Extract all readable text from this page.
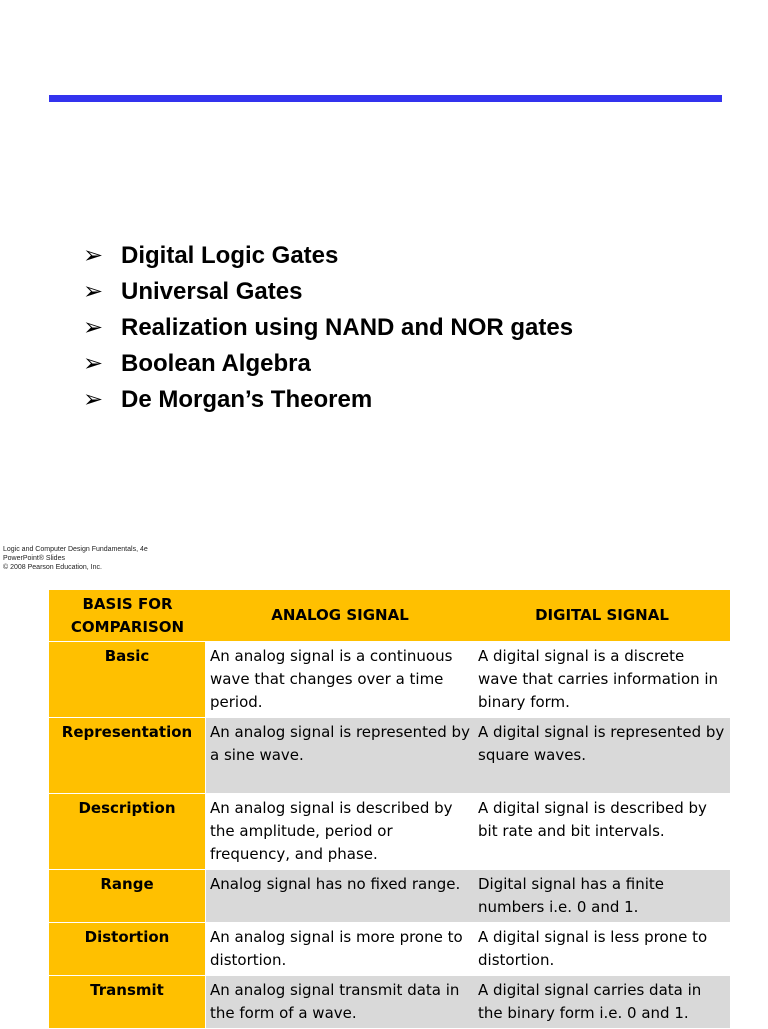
➢ Digital Logic Gates
➢ Universal Gates
➢ Realization using NAND and NOR gates
➢ Boolean Algebra
➢ De Morgan’s Theorem
Logic and Computer Design Fundamentals, 4e
PowerPoint® Slides
© 2008 Pearson Education, Inc.
BASIS FOR COMPARISON	ANALOG SIGNAL	DIGITAL SIGNAL
Basic	An analog signal is a continuous wave that changes over a time period.	A digital signal is a discrete wave that carries information in binary form.
Representation	An analog signal is represented by a sine wave.	A digital signal is represented by square waves.
Description	An analog signal is described by the amplitude, period or frequency, and phase.	A digital signal is described by bit rate and bit intervals.
Range	Analog signal has no fixed range.	Digital signal has a finite numbers i.e. 0 and 1.
Distortion	An analog signal is more prone to distortion.	A digital signal is less prone to distortion.
Transmit	An analog signal transmit data in the form of a wave.	A digital signal carries data in the binary form i.e. 0 and 1.
